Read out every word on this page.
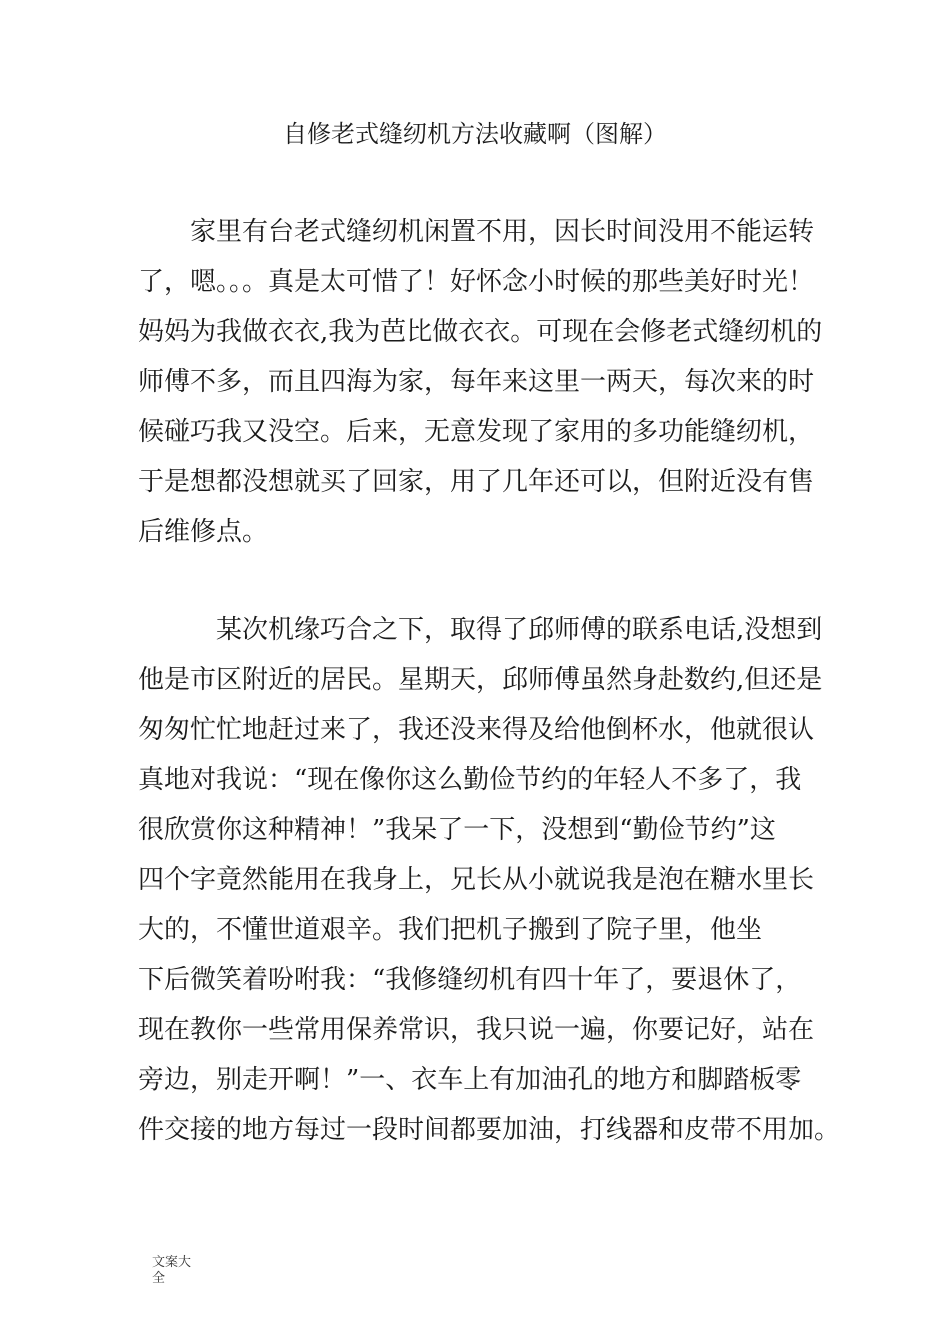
自修老式缝纫机方法收藏啊（图解）
家里有台老式缝纫机闲置不用，因长时间没用不能运转
了，嗯。。。真是太可惜了！好怀念小时候的那些美好时光！
妈妈为我做衣衣,我为芭比做衣衣。可现在会修老式缝纫机的
师傅不多，而且四海为家，每年来这里一两天，每次来的时
候碰巧我又没空。后来，无意发现了家用的多功能缝纫机，
于是想都没想就买了回家，用了几年还可以，但附近没有售
后维修点。
某次机缘巧合之下，取得了邱师傅的联系电话,没想到
他是市区附近的居民。星期天，邱师傅虽然身赴数约,但还是
匆匆忙忙地赶过来了，我还没来得及给他倒杯水，他就很认
真地对我说：“现在像你这么勤俭节约的年轻人不多了，我
很欣赏你这种精神！”我呆了一下，没想到“勤俭节约”这
四个字竟然能用在我身上，兄长从小就说我是泡在糖水里长
大的，不懂世道艰辛。我们把机子搬到了院子里，他坐
下后微笑着吩咐我：“我修缝纫机有四十年了，要退休了，
现在教你一些常用保养常识，我只说一遍，你要记好，站在
旁边，别走开啊！”一、衣车上有加油孔的地方和脚踏板零
件交接的地方每过一段时间都要加油，打线器和皮带不用加。
文案大
全
